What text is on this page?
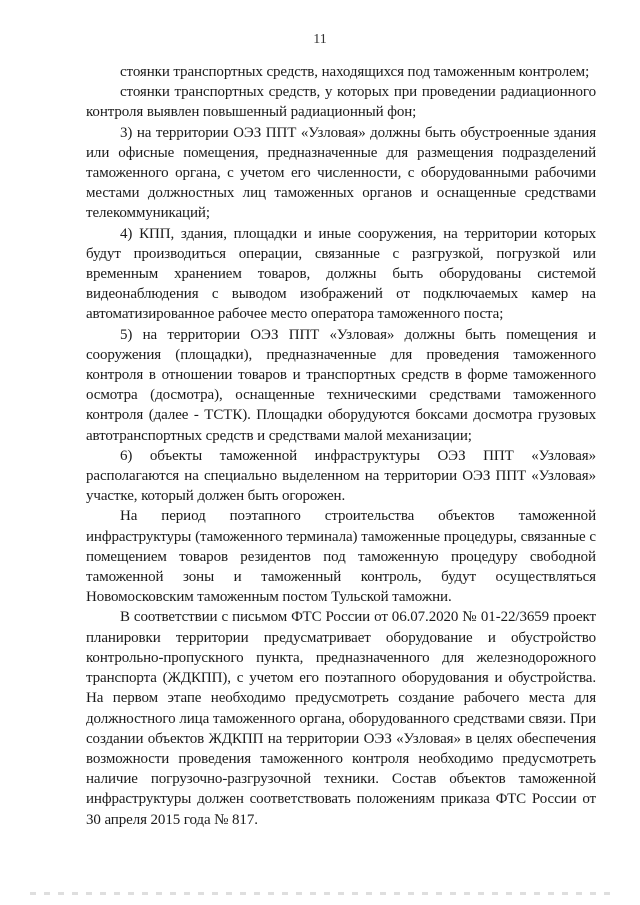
11

стоянки транспортных средств, находящихся под таможенным контролем;

стоянки транспортных средств, у которых при проведении радиационного контроля выявлен повышенный радиационный фон;

3) на территории ОЭЗ ППТ «Узловая» должны быть обустроенные здания или офисные помещения, предназначенные для размещения подразделений таможенного органа, с учетом его численности, с оборудованными рабочими местами должностных лиц таможенных органов и оснащенные средствами телекоммуникаций;

4) КПП, здания, площадки и иные сооружения, на территории которых будут производиться операции, связанные с разгрузкой, погрузкой или временным хранением товаров, должны быть оборудованы системой видеонаблюдения с выводом изображений от подключаемых камер на автоматизированное рабочее место оператора таможенного поста;

5) на территории ОЭЗ ППТ «Узловая» должны быть помещения и сооружения (площадки), предназначенные для проведения таможенного контроля в отношении товаров и транспортных средств в форме таможенного осмотра (досмотра), оснащенные техническими средствами таможенного контроля (далее - ТСТК). Площадки оборудуются боксами досмотра грузовых автотранспортных средств и средствами малой механизации;

6) объекты таможенной инфраструктуры ОЭЗ ППТ «Узловая» располагаются на специально выделенном на территории ОЭЗ ППТ «Узловая» участке, который должен быть огорожен.

На период поэтапного строительства объектов таможенной инфраструктуры (таможенного терминала) таможенные процедуры, связанные с помещением товаров резидентов под таможенную процедуру свободной таможенной зоны и таможенный контроль, будут осуществляться Новомосковским таможенным постом Тульской таможни.

В соответствии с письмом ФТС России от 06.07.2020 № 01-22/3659 проект планировки территории предусматривает оборудование и обустройство контрольно-пропускного пункта, предназначенного для железнодорожного транспорта (ЖДКПП), с учетом его поэтапного оборудования и обустройства. На первом этапе необходимо предусмотреть создание рабочего места для должностного лица таможенного органа, оборудованного средствами связи. При создании объектов ЖДКПП на территории ОЭЗ «Узловая» в целях обеспечения возможности проведения таможенного контроля необходимо предусмотреть наличие погрузочно-разгрузочной техники. Состав объектов таможенной инфраструктуры должен соответствовать положениям приказа ФТС России от 30 апреля 2015 года № 817.
